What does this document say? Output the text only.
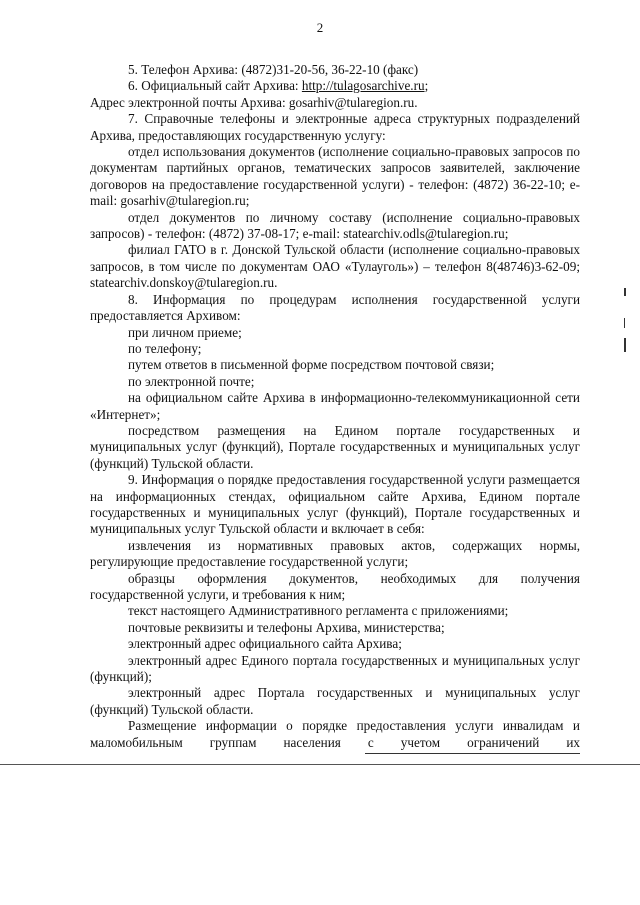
2

5. Телефон Архива: (4872)31-20-56, 36-22-10 (факс)

6. Официальный сайт Архива: http://tulagosarchive.ru;

Адрес электронной почты Архива: gosarhiv@tularegion.ru.

7. Справочные телефоны и электронные адреса структурных подразделений Архива, предоставляющих государственную услугу:

отдел использования документов (исполнение социально-правовых запросов по документам партийных органов, тематических запросов заявителей, заключение договоров на предоставление государственной услуги) - телефон: (4872) 36-22-10; e-mail: gosarhiv@tularegion.ru;

отдел документов по личному составу (исполнение социально-правовых запросов) - телефон: (4872) 37-08-17; e-mail: statearchiv.odls@tularegion.ru;

филиал ГАТО в г. Донской Тульской области (исполнение социально-правовых запросов, в том числе по документам ОАО «Тулауголь») – телефон 8(48746)3-62-09; statearchiv.donskoy@tularegion.ru.

8. Информация по процедурам исполнения государственной услуги предоставляется Архивом:

при личном приеме;

по телефону;

путем ответов в письменной форме посредством почтовой связи;

по электронной почте;

на официальном сайте Архива в информационно-телекоммуникационной сети «Интернет»;

посредством размещения на Едином портале государственных и муниципальных услуг (функций), Портале государственных и муниципальных услуг (функций) Тульской области.

9. Информация о порядке предоставления государственной услуги размещается на информационных стендах, официальном сайте Архива, Едином портале государственных и муниципальных услуг (функций), Портале государственных и муниципальных услуг Тульской области и включает в себя:

извлечения из нормативных правовых актов, содержащих нормы, регулирующие предоставление государственной услуги;

образцы оформления документов, необходимых для получения государственной услуги, и требования к ним;

текст настоящего Административного регламента с приложениями;

почтовые реквизиты и телефоны Архива, министерства;

электронный адрес официального сайта Архива;

электронный адрес Единого портала государственных и муниципальных услуг (функций);

электронный адрес Портала государственных и муниципальных услуг (функций) Тульской области.

Размещение информации о порядке предоставления услуги инвалидам и маломобильным группам населения с учетом ограничений их
